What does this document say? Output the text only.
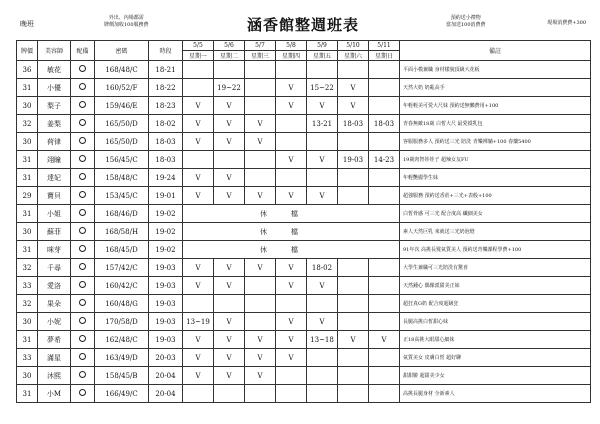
晚班
外出、內場都需
牌價加收100服務費	涵香館整週班表	預約送小禮物
當加送100消費費	現場消費費+300
牌價	美容師	配備	密碼	時段	5/5	5/6	5/7	5/8	5/9	5/10	5/11	備註
					星期一	星期二	星期三	星期四	星期五	星期六	星期日	
36	敏花		168/48/C	18-21								平面小模兼職 身材樣貌頂級大花板
31	小優		160/52/F	18-22		19~22		V	15~22	V		天然大奶 奶亂高手
30	梨子		159/46/E	18-23	V	V		V	V	V		年輕輕美可愛大尺妹 預約送無懶費用+100
32	姜梨		165/50/D	18-02	V	V	V		13-21	18-03	18-03	青春無敵18歲 白皙大尺 最愛摸乳包
30	荷律		165/50/D	18-03	V	V	V					客服服務多人 預約送三光 陪洗 青樂裸躺+100 春藥5400
31	翊瞳		156/45/C	18-03				V	V	19-03	14-23	19歲肉智娃娃子 超辣女友FU
31	達妃		158/48/C	19-24	V	V						年輕艷麗學生妹
29	寶貝		153/45/C	19-01	V	V	V	V	V			超強服務 預約送香菸+三光+表般+100
31	小姐		168/46/D	19-02	休檔							白皙骨感 可三光 配合度高 纖細美女
30	蘇菲		168/58/H	19-02	休檔							素人天然巨乳 來就送三光奶泡燈
31	咪芽		168/45/D	19-02	休檔							91年次 高挑長髮氣質美人 預約送青樂課程學費+100
32	千尋		157/42/C	19-03	V	V	V	V	18-02			大學生兼職可三光陪洗有驚喜
33	愛洛		160/42/C	19-03	V	V		V	V			天然鍾心 偶像派甜美正妹
32	果朵		160/48/G	19-03								超狂真G奶 配合度超級狂
30	小妮		170/58/D	19-03	13~19	V		V	V			長腿高挑白皙甜心妹
31	夢希		162/48/C	19-03	V	V	V	V	13~18	V	V	正18高挑大眼甜心細妹
33	滿星		163/49/D	20-03	V	V	V	V				氣質美女 皮膚白皙 超好聊
30	沐熙		158/45/B	20-04	V	V	V					甜甜臉 超甜美少女
31	小M		166/49/C	20-04								高挑長腿身材 全新素人
